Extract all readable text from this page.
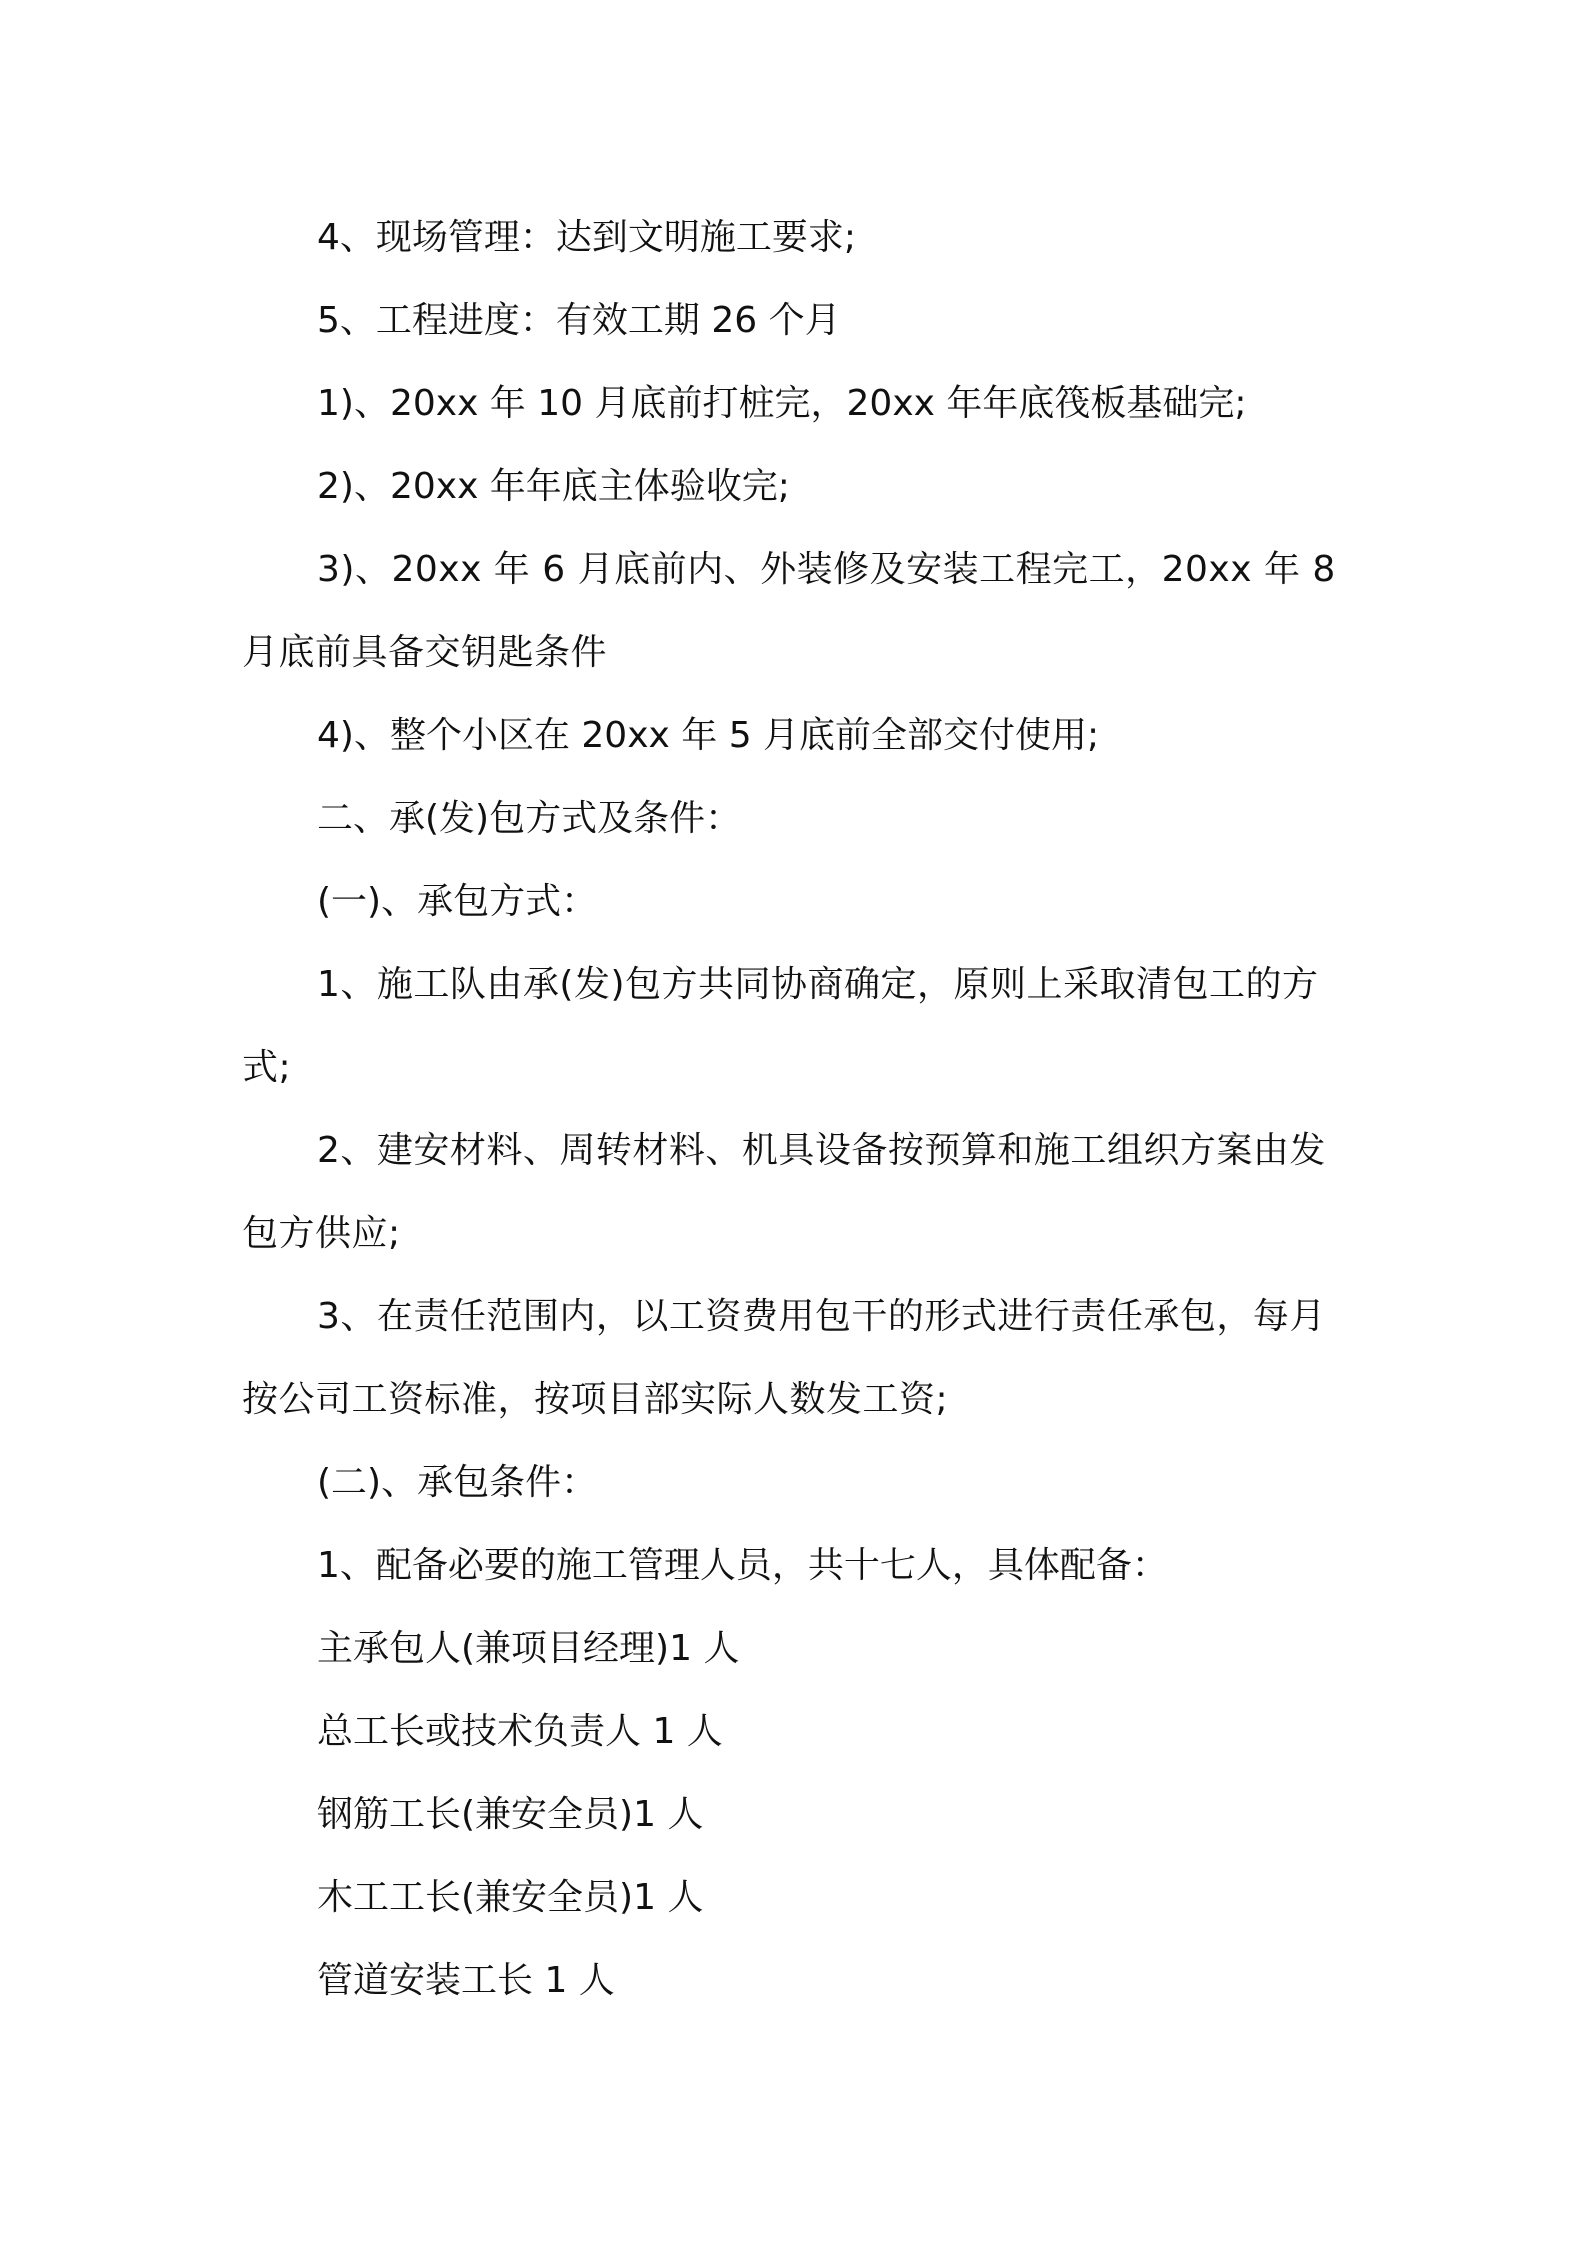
4、现场管理：达到文明施工要求;

5、工程进度：有效工期 26 个月

1)、20xx 年 10 月底前打桩完，20xx 年年底筏板基础完;

2)、20xx 年年底主体验收完;

3)、20xx 年 6 月底前内、外装修及安装工程完工，20xx 年 8 月底前具备交钥匙条件

4)、整个小区在 20xx 年 5 月底前全部交付使用;

二、承(发)包方式及条件：

(一)、承包方式：

1、施工队由承(发)包方共同协商确定，原则上采取清包工的方式;

2、建安材料、周转材料、机具设备按预算和施工组织方案由发包方供应;

3、在责任范围内，以工资费用包干的形式进行责任承包，每月按公司工资标准，按项目部实际人数发工资;

(二)、承包条件：

1、配备必要的施工管理人员，共十七人，具体配备：

主承包人(兼项目经理)1 人

总工长或技术负责人 1 人

钢筋工长(兼安全员)1 人

木工工长(兼安全员)1 人

管道安装工长 1 人
